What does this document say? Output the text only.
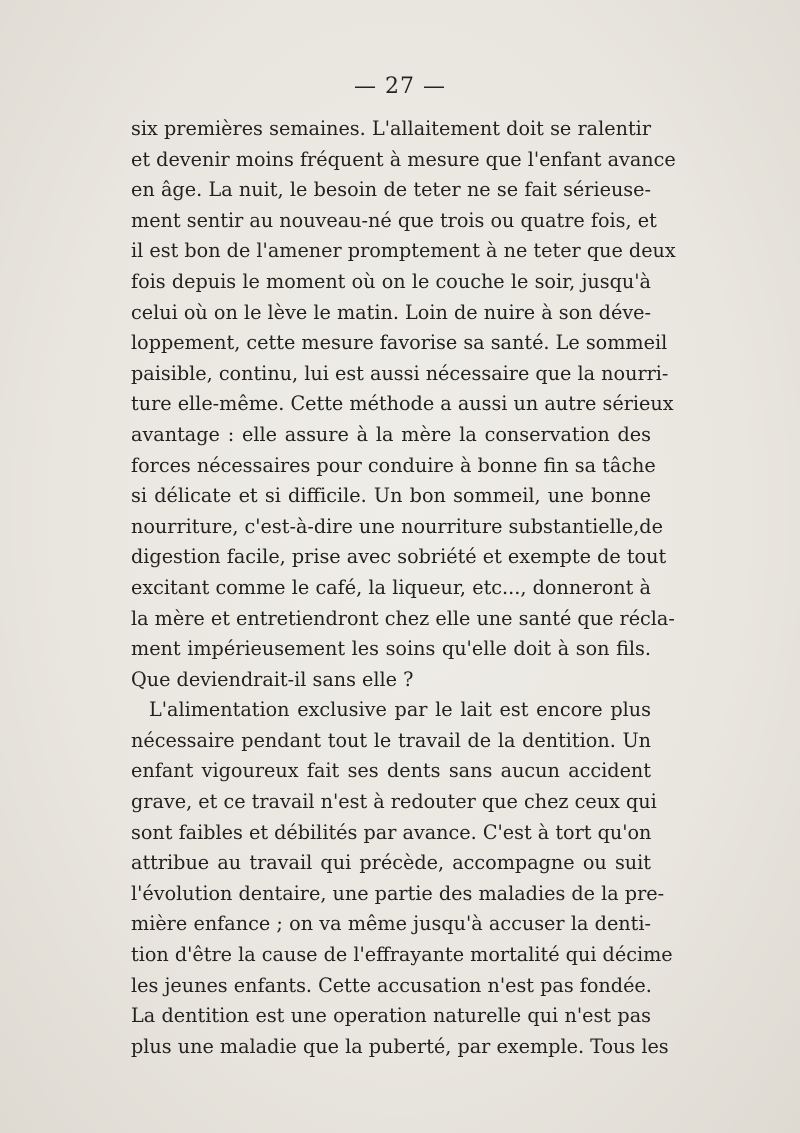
— 27 —
six premières semaines. L'allaitement doit se ralentir
et devenir moins fréquent à mesure que l'enfant avance
en âge. La nuit, le besoin de teter ne se fait sérieuse-
ment sentir au nouveau-né que trois ou quatre fois, et
il est bon de l'amener promptement à ne teter que deux
fois depuis le moment où on le couche le soir, jusqu'à
celui où on le lève le matin. Loin de nuire à son déve-
loppement, cette mesure favorise sa santé. Le sommeil
paisible, continu, lui est aussi nécessaire que la nourri-
ture elle-même. Cette méthode a aussi un autre sérieux
avantage : elle assure à la mère la conservation des
forces nécessaires pour conduire à bonne fin sa tâche
si délicate et si difficile. Un bon sommeil, une bonne
nourriture, c'est-à-dire une nourriture substantielle,de
digestion facile, prise avec sobriété et exempte de tout
excitant comme le café, la liqueur, etc..., donneront à
la mère et entretiendront chez elle une santé que récla-
ment impérieusement les soins qu'elle doit à son fils.
Que deviendrait-il sans elle ?
L'alimentation exclusive par le lait est encore plus
nécessaire pendant tout le travail de la dentition. Un
enfant vigoureux fait ses dents sans aucun accident
grave, et ce travail n'est à redouter que chez ceux qui
sont faibles et débilités par avance. C'est à tort qu'on
attribue au travail qui précède, accompagne ou suit
l'évolution dentaire, une partie des maladies de la pre-
mière enfance ; on va même jusqu'à accuser la denti-
tion d'être la cause de l'effrayante mortalité qui décime
les jeunes enfants. Cette accusation n'est pas fondée.
La dentition est une operation naturelle qui n'est pas
plus une maladie que la puberté, par exemple. Tous les
